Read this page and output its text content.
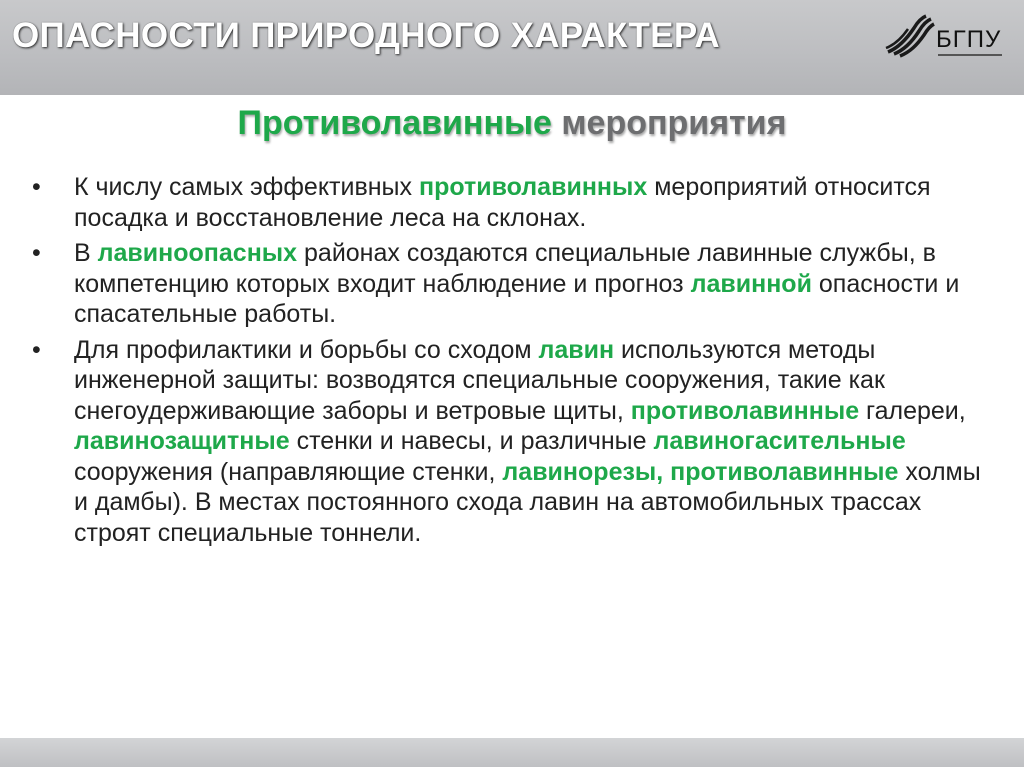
ОПАСНОСТИ ПРИРОДНОГО ХАРАКТЕРА	БГПУ
Противолавинные мероприятия
•	К числу самых эффективных противолавинных мероприятий относится посадка и восстановление леса на склонах.
•	В лавиноопасных районах создаются специальные лавинные службы, в компетенцию которых входит наблюдение и прогноз лавинной опасности и спасательные работы.
•	Для профилактики и борьбы со сходом лавин используются методы инженерной защиты: возводятся специальные сооружения, такие как снегоудерживающие заборы и ветровые щиты, противолавинные галереи, лавинозащитные стенки и навесы, и различные лавиногасительные сооружения (направляющие стенки, лавинорезы, противолавинные холмы и дамбы). В местах постоянного схода лавин на автомобильных трассах строят специальные тоннели.
